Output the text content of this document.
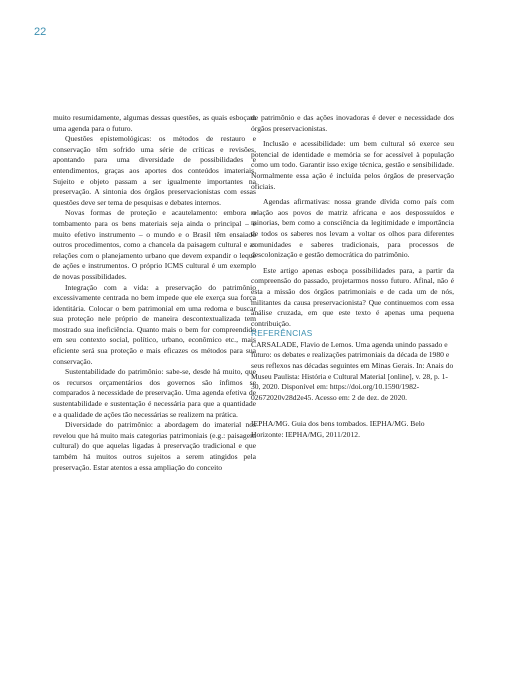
22

muito resumidamente, algumas dessas questões, as quais esboçam uma agenda para o futuro.

Questões epistemológicas: os métodos de restauro e conservação têm sofrido uma série de críticas e revisões, apontando para uma diversidade de possibilidades e entendimentos, graças aos aportes dos conteúdos imateriais. Sujeito e objeto passam a ser igualmente importantes na preservação. A sintonia dos órgãos preservacionistas com essas questões deve ser tema de pesquisas e debates internos.

Novas formas de proteção e acautelamento: embora o tombamento para os bens materiais seja ainda o principal – e muito efetivo instrumento – o mundo e o Brasil têm ensaiado outros procedimentos, como a chancela da paisagem cultural e as relações com o planejamento urbano que devem expandir o leque de ações e instrumentos. O próprio ICMS cultural é um exemplo de novas possibilidades.

Integração com a vida: a preservação do patrimônio excessivamente centrada no bem impede que ele exerça sua força identitária. Colocar o bem patrimonial em uma redoma e buscar sua proteção nele próprio de maneira descontextualizada tem mostrado sua ineficiência. Quanto mais o bem for compreendido em seu contexto social, político, urbano, econômico etc., mais eficiente será sua proteção e mais eficazes os métodos para sua conservação.

Sustentabilidade do patrimônio: sabe-se, desde há muito, que os recursos orçamentários dos governos são ínfimos se comparados à necessidade de preservação. Uma agenda efetiva de sustentabilidade e sustentação é necessária para que a quantidade e a qualidade de ações tão necessárias se realizem na prática.

Diversidade do patrimônio: a abordagem do imaterial nos revelou que há muito mais categorias patrimoniais (e.g.: paisagem cultural) do que aquelas ligadas à preservação tradicional e que também há muitos outros sujeitos a serem atingidos pela preservação. Estar atentos a essa ampliação do conceito

de patrimônio e das ações inovadoras é dever e necessidade dos órgãos preservacionistas.

Inclusão e acessibilidade: um bem cultural só exerce seu potencial de identidade e memória se for acessível à população como um todo. Garantir isso exige técnica, gestão e sensibilidade. Normalmente essa ação é incluída pelos órgãos de preservação oficiais.

Agendas afirmativas: nossa grande dívida como país com relação aos povos de matriz africana e aos despossuídos e minorias, bem como a consciência da legitimidade e importância de todos os saberes nos levam a voltar os olhos para diferentes comunidades e saberes tradicionais, para processos de descolonização e gestão democrática do patrimônio.

Este artigo apenas esboça possibilidades para, a partir da compreensão do passado, projetarmos nosso futuro. Afinal, não é esta a missão dos órgãos patrimoniais e de cada um de nós, militantes da causa preservacionista? Que continuemos com essa análise cruzada, em que este texto é apenas uma pequena contribuição.

REFERÊNCIAS

CARSALADE, Flavio de Lemos. Uma agenda unindo passado e futuro: os debates e realizações patrimoniais da década de 1980 e seus reflexos nas décadas seguintes em Minas Gerais. In: Anais do Museu Paulista: História e Cultural Material [online], v. 28, p. 1-30, 2020. Disponível em: https://doi.org/10.1590/1982-02672020v28d2e45. Acesso em: 2 de dez. de 2020.

IEPHA/MG. Guia dos bens tombados. IEPHA/MG. Belo Horizonte: IEPHA/MG, 2011/2012.
